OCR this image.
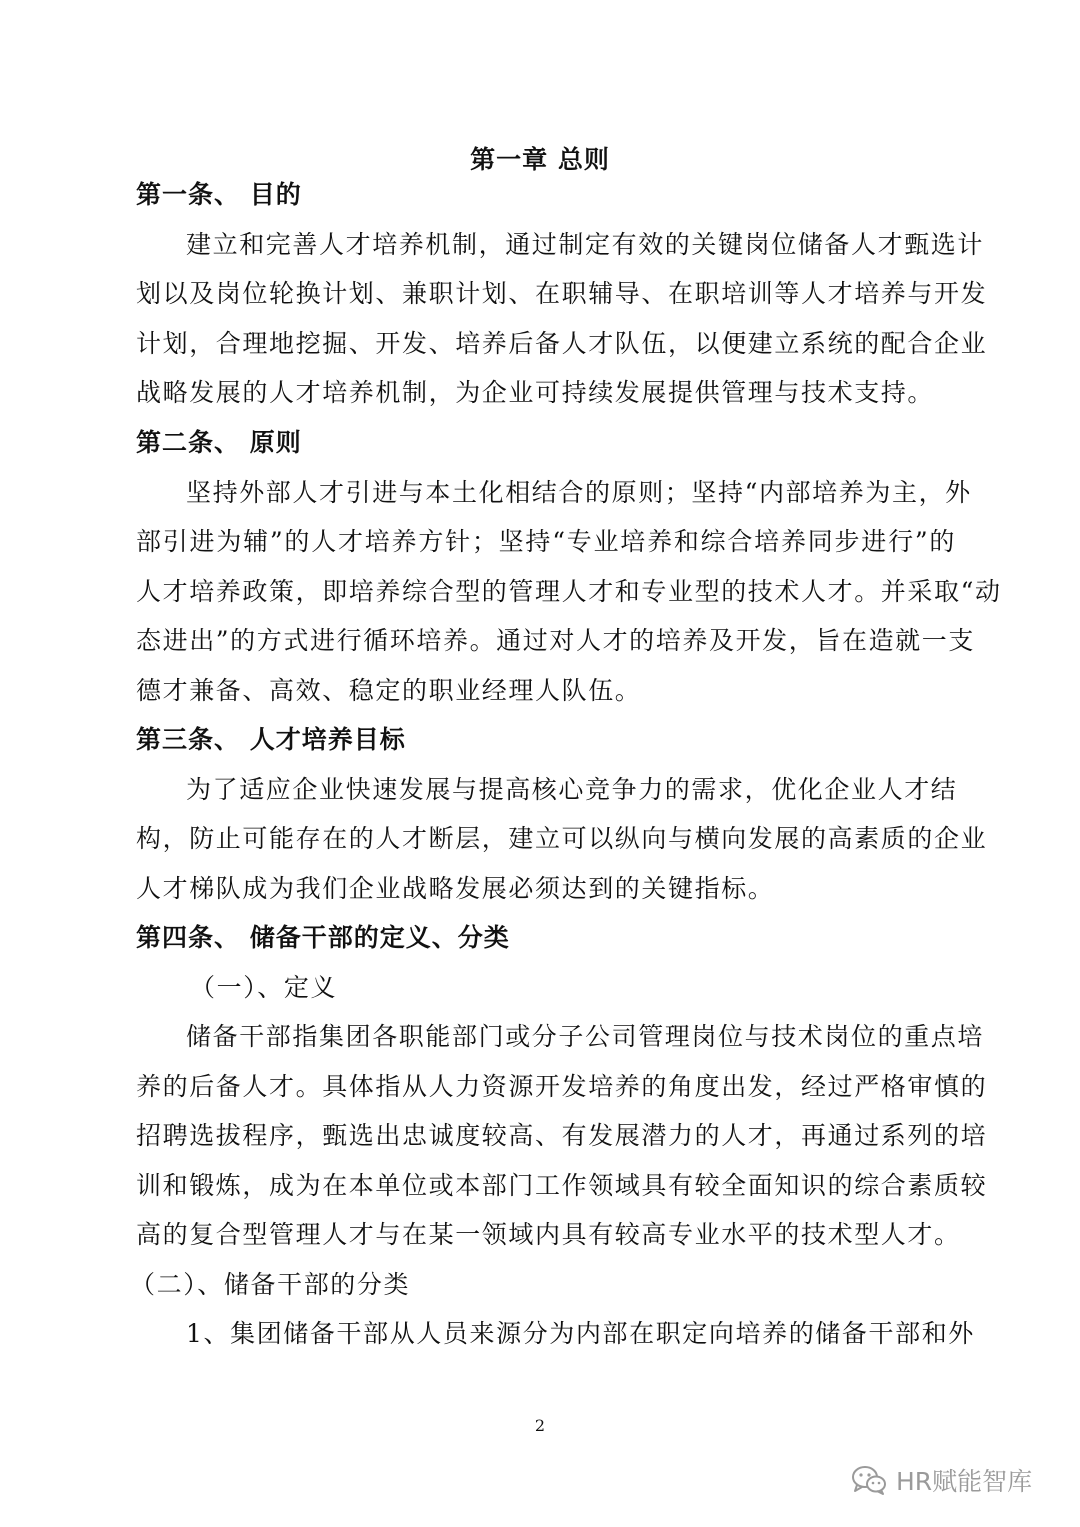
第一章 总则
第一条、 目的
建立和完善人才培养机制，通过制定有效的关键岗位储备人才甄选计
划以及岗位轮换计划、兼职计划、在职辅导、在职培训等人才培养与开发
计划，合理地挖掘、开发、培养后备人才队伍，以便建立系统的配合企业
战略发展的人才培养机制，为企业可持续发展提供管理与技术支持。
第二条、 原则
坚持外部人才引进与本土化相结合的原则；坚持“内部培养为主，外
部引进为辅”的人才培养方针；坚持“专业培养和综合培养同步进行”的
人才培养政策，即培养综合型的管理人才和专业型的技术人才。并采取“动
态进出”的方式进行循环培养。通过对人才的培养及开发，旨在造就一支
德才兼备、高效、稳定的职业经理人队伍。
第三条、 人才培养目标
为了适应企业快速发展与提高核心竞争力的需求，优化企业人才结
构，防止可能存在的人才断层，建立可以纵向与横向发展的高素质的企业
人才梯队成为我们企业战略发展必须达到的关键指标。
第四条、 储备干部的定义、分类
（一）、定义
储备干部指集团各职能部门或分子公司管理岗位与技术岗位的重点培
养的后备人才。具体指从人力资源开发培养的角度出发，经过严格审慎的
招聘选拔程序，甄选出忠诚度较高、有发展潜力的人才，再通过系列的培
训和锻炼，成为在本单位或本部门工作领域具有较全面知识的综合素质较
高的复合型管理人才与在某一领域内具有较高专业水平的技术型人才。
（二）、储备干部的分类
1、集团储备干部从人员来源分为内部在职定向培养的储备干部和外
2
HR赋能智库
